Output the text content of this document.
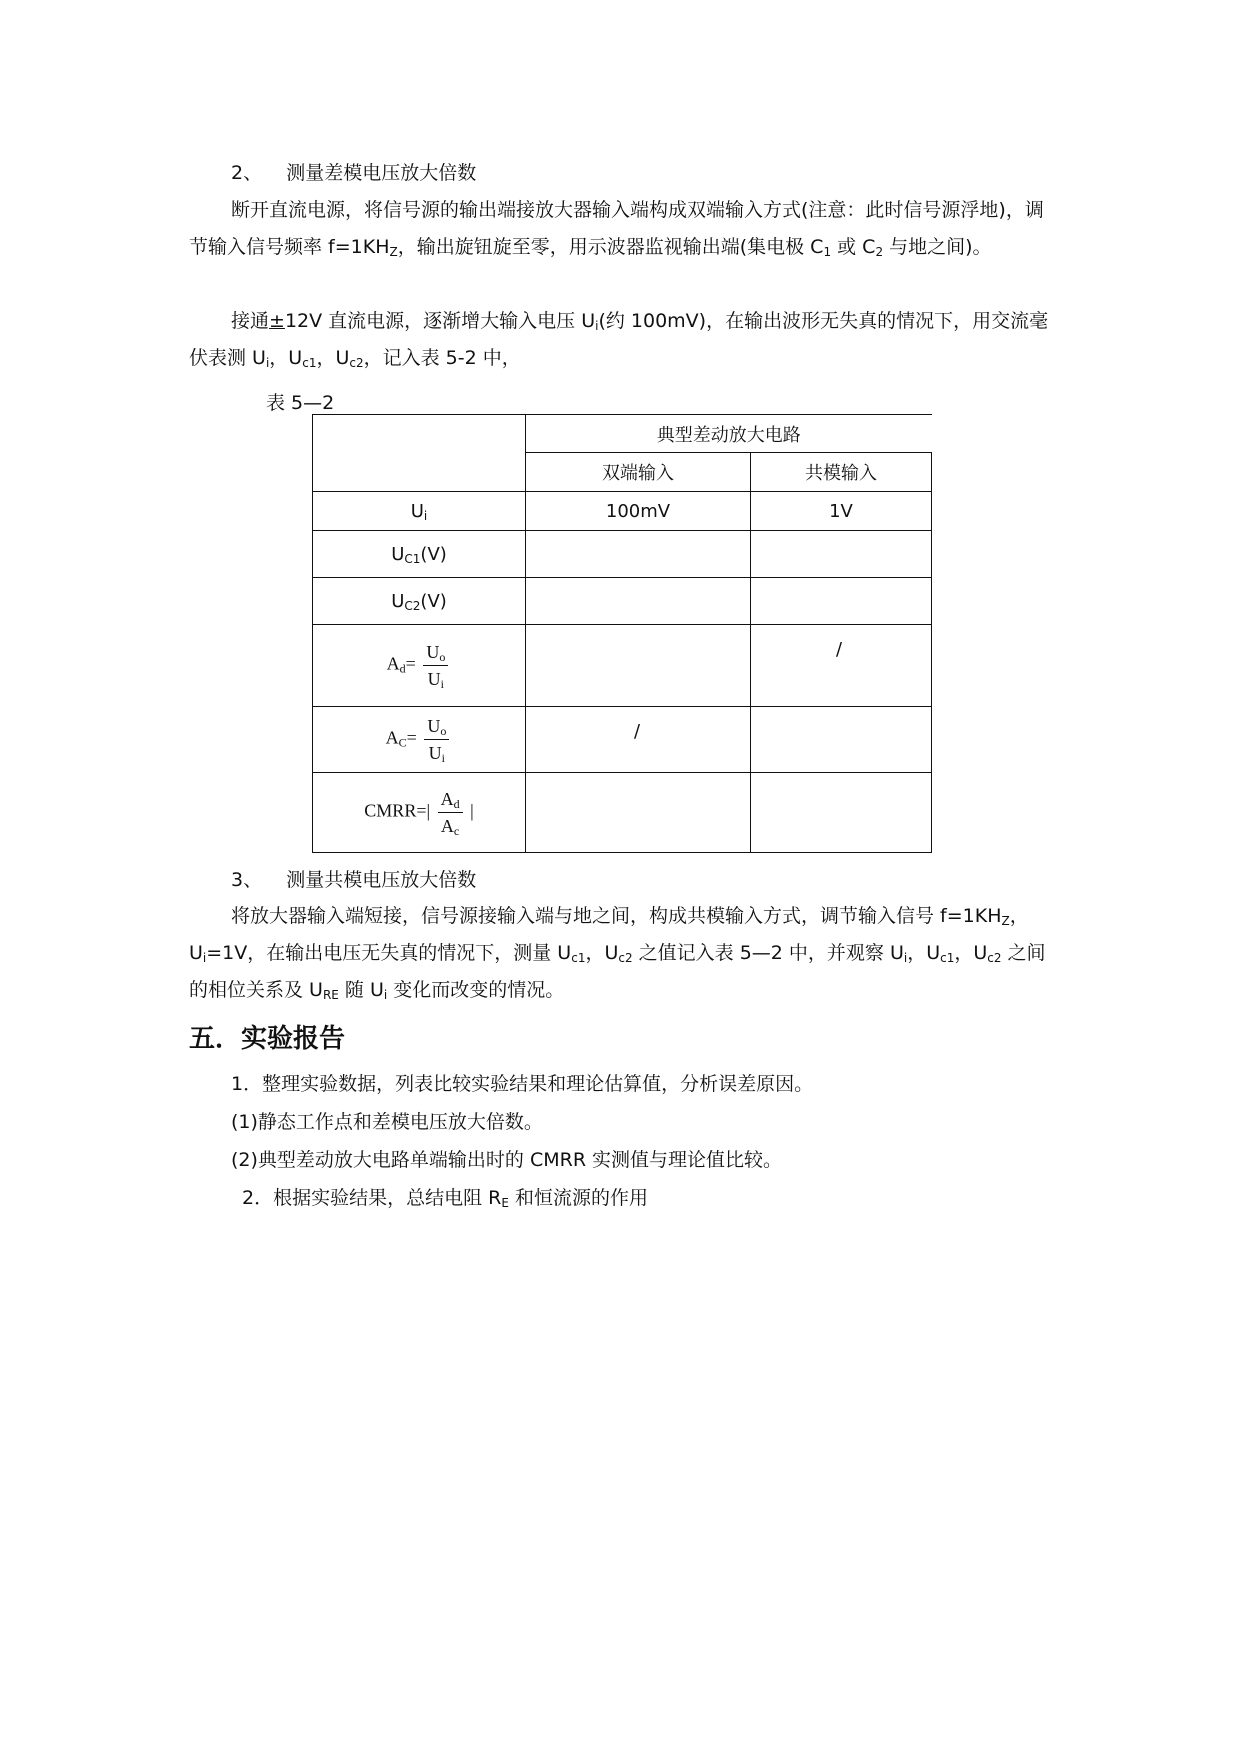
2、 测量差模电压放大倍数
断开直流电源，将信号源的输出端接放大器输入端构成双端输入方式(注意：此时信号源浮地)，调节输入信号频率 $f=1KH_Z$，输出旋钮旋至零，用示波器监视输出端(集电极 $C_1$ 或 $C_2$ 与地之间)。
接通±12V 直流电源，逐渐增大输入电压 $U_i$(约 100mV)，在输出波形无失真的情况下，用交流毫伏表测 $U_i$，$U_{c1}$，$U_{c2}$，记入表 5-2 中，
表 5—2
	典型差动放大电路	
	双端输入	共模输入
$U_i$	100mV	1V
$U_{C1}(V)$		
$U_{C2}(V)$		
$A_d= \frac{U_o}{U_i}$		/

$A_C= \frac{U_o}{U_i}$	/	

CMRR=| $\frac{A_d}{A_c}$ |		
3、 测量共模电压放大倍数
将放大器输入端短接，信号源接输入端与地之间，构成共模输入方式，调节输入信号 $f=1KH_Z$，$U_i=1V$，在输出电压无失真的情况下，测量 $U_{c1}$，$U_{c2}$ 之值记入表 5—2 中，并观察 $U_i$，$U_{c1}$，$U_{c2}$ 之间的相位关系及 $U_{RE}$ 随 $U_i$ 变化而改变的情况。
五．实验报告
1．整理实验数据，列表比较实验结果和理论估算值，分析误差原因。
(1)静态工作点和差模电压放大倍数。
(2)典型差动放大电路单端输出时的 CMRR 实测值与理论值比较。
2．根据实验结果，总结电阻 $R_E$ 和恒流源的作用
